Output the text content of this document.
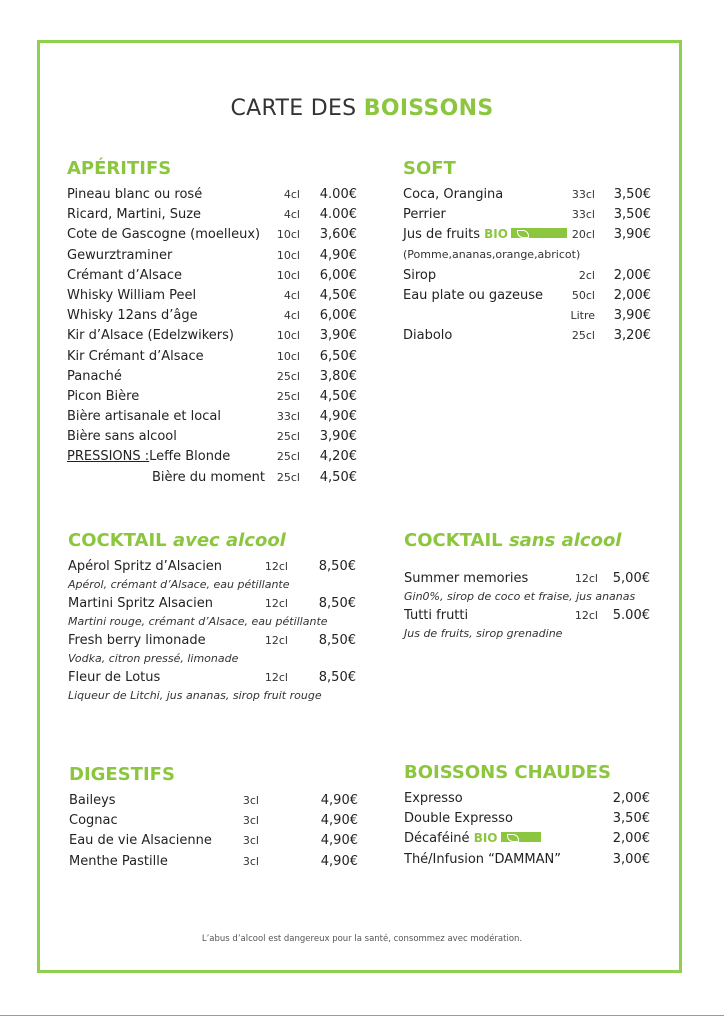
CARTE DES BOISSONS
APÉRITIFS
Pineau blanc ou rosé	4cl	4.00€
Ricard, Martini, Suze	4cl	4.00€
Cote de Gascogne (moelleux)	10cl	3,60€
Gewurztraminer	10cl	4,90€
Crémant d’Alsace	10cl	6,00€
Whisky William Peel	4cl	4,50€
Whisky 12ans d’âge	4cl	6,00€
Kir d’Alsace (Edelzwikers)	10cl	3,90€
Kir Crémant d’Alsace	10cl	6,50€
Panaché	25cl	3,80€
Picon Bière	25cl	4,50€
Bière artisanale et local	33cl	4,90€
Bière sans alcool	25cl	3,90€
PRESSIONS :Leffe Blonde	25cl	4,20€
Bière du moment	25cl	4,50€
SOFT
Coca, Orangina	33cl	3,50€
Perrier	33cl	3,50€
Jus de fruits BIO	20cl	3,90€
(Pomme,ananas,orange,abricot)
Sirop	2cl	2,00€
Eau plate ou gazeuse	50cl	2,00€
Litre	3,90€
Diabolo	25cl	3,20€
COCKTAIL avec alcool
Apérol Spritz d’Alsacien	12cl	8,50€
Apérol, crémant d’Alsace, eau pétillante
Martini Spritz Alsacien	12cl	8,50€
Martini rouge, crémant d’Alsace, eau pétillante
Fresh berry limonade	12cl	8,50€
Vodka, citron pressé, limonade
Fleur de Lotus	12cl	8,50€
Liqueur de Litchi, jus ananas, sirop fruit rouge
COCKTAIL sans alcool
Summer memories	12cl	5,00€
Gin0%, sirop de coco et fraise, jus ananas
Tutti frutti	12cl	5.00€
Jus de fruits, sirop grenadine
DIGESTIFS
Baileys	3cl	4,90€
Cognac	3cl	4,90€
Eau de vie Alsacienne	3cl	4,90€
Menthe Pastille	3cl	4,90€
BOISSONS CHAUDES
Expresso	2,00€
Double Expresso	3,50€
Décaféiné BIO	2,00€
Thé/Infusion “DAMMAN”	3,00€
L’abus d’alcool est dangereux pour la santé, consommez avec modération.
